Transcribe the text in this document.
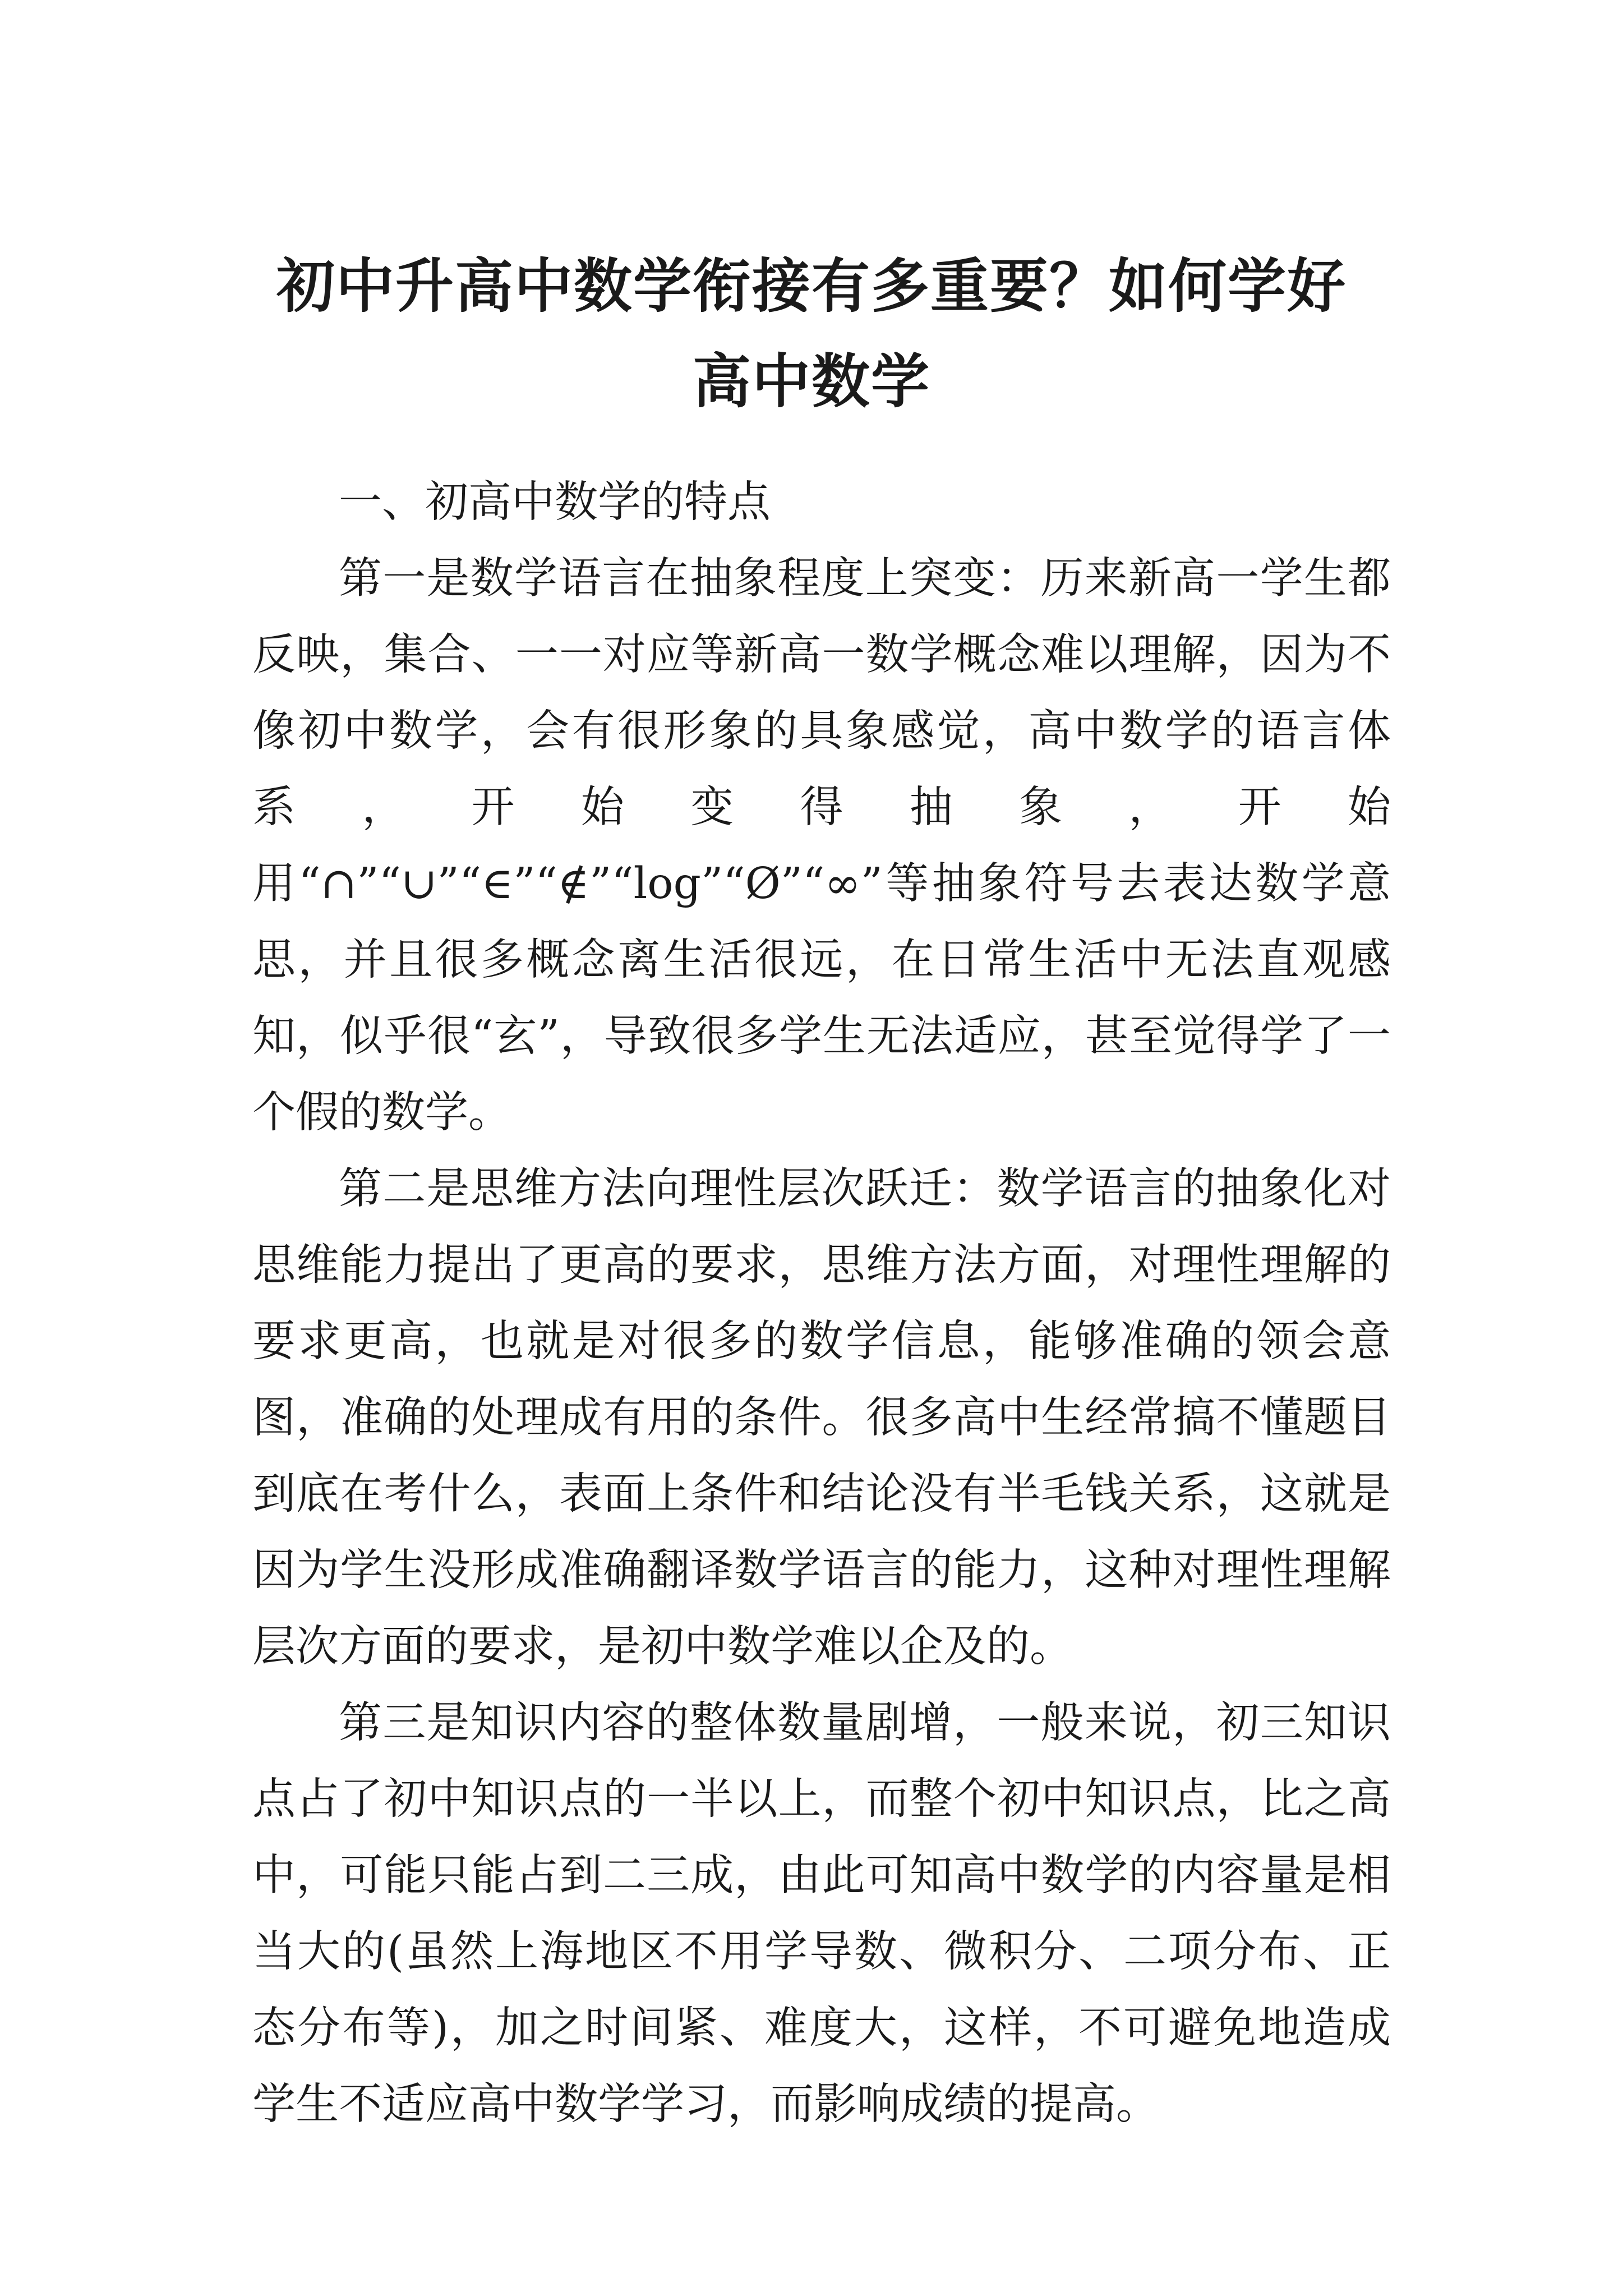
初中升高中数学衔接有多重要？如何学好
高中数学

一、初高中数学的特点

第一是数学语言在抽象程度上突变：历来新高一学生都反映，集合、一一对应等新高一数学概念难以理解，因为不像初中数学，会有很形象的具象感觉，高中数学的语言体系，开始变得抽象，开始用“∩”“∪”“∈”“∉”“log”“Ø”“∞”等抽象符号去表达数学意思，并且很多概念离生活很远，在日常生活中无法直观感知，似乎很“玄”，导致很多学生无法适应，甚至觉得学了一个假的数学。

第二是思维方法向理性层次跃迁：数学语言的抽象化对思维能力提出了更高的要求，思维方法方面，对理性理解的要求更高，也就是对很多的数学信息，能够准确的领会意图，准确的处理成有用的条件。很多高中生经常搞不懂题目到底在考什么，表面上条件和结论没有半毛钱关系，这就是因为学生没形成准确翻译数学语言的能力，这种对理性理解层次方面的要求，是初中数学难以企及的。

第三是知识内容的整体数量剧增，一般来说，初三知识点占了初中知识点的一半以上，而整个初中知识点，比之高中，可能只能占到二三成，由此可知高中数学的内容量是相当大的(虽然上海地区不用学导数、微积分、二项分布、正态分布等)，加之时间紧、难度大，这样，不可避免地造成学生不适应高中数学学习，而影响成绩的提高。
